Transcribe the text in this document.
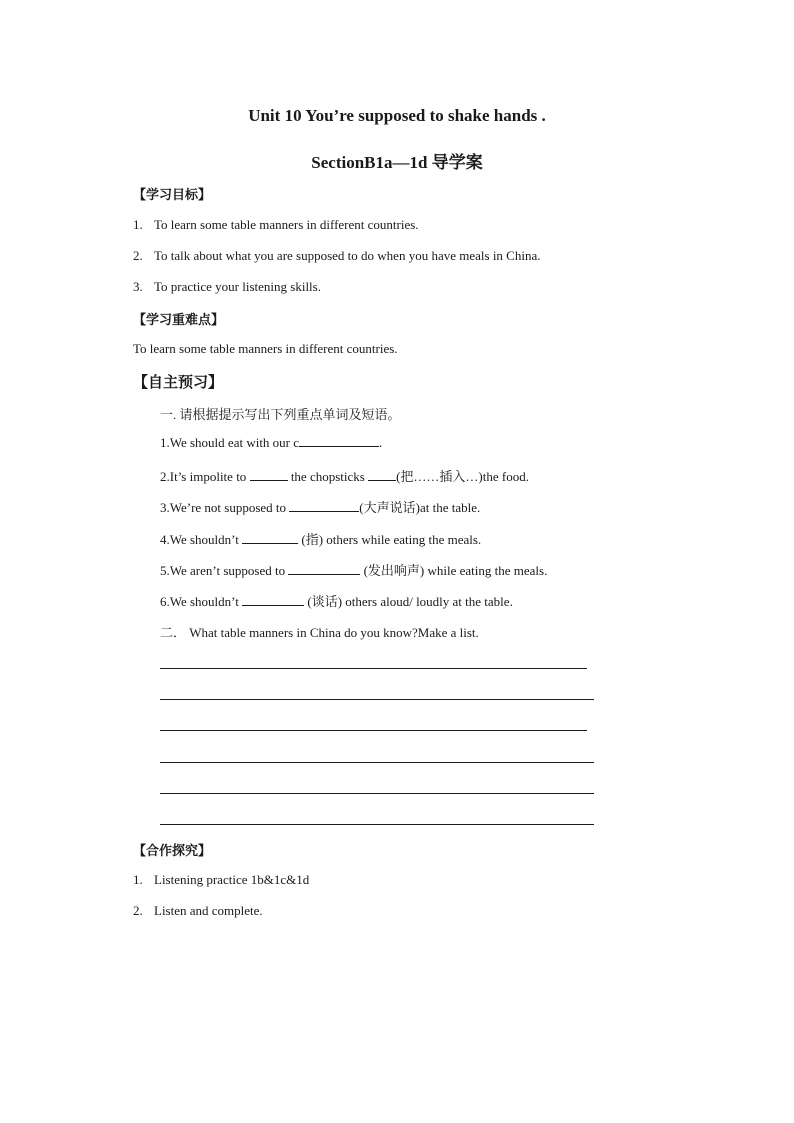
Unit 10 You’re supposed to shake hands .
SectionB1a—1d 导学案
【学习目标】
1. To learn some table manners in different countries.
2. To talk about what you are supposed to do when you have meals in China.
3. To practice your listening skills.
【学习重难点】
To learn some table manners in different countries.
【自主预习】
一. 请根据提示写出下列重点单词及短语。
1.We should eat with our c	.
2.It’s impolite to	the chopsticks (把……插入…)the food.
3.We’re not supposed to	(大声说话)at the table.
4.We shouldn’t	(指) others while eating the meals.
5.We aren’t supposed to	(发出响声) while eating the meals.
6.We shouldn’t	(谈话) others aloud/ loudly at the table.
二． What table manners in China do you know?Make a list.
【合作探究】
1. Listening practice 1b&1c&1d
2. Listen and complete.
